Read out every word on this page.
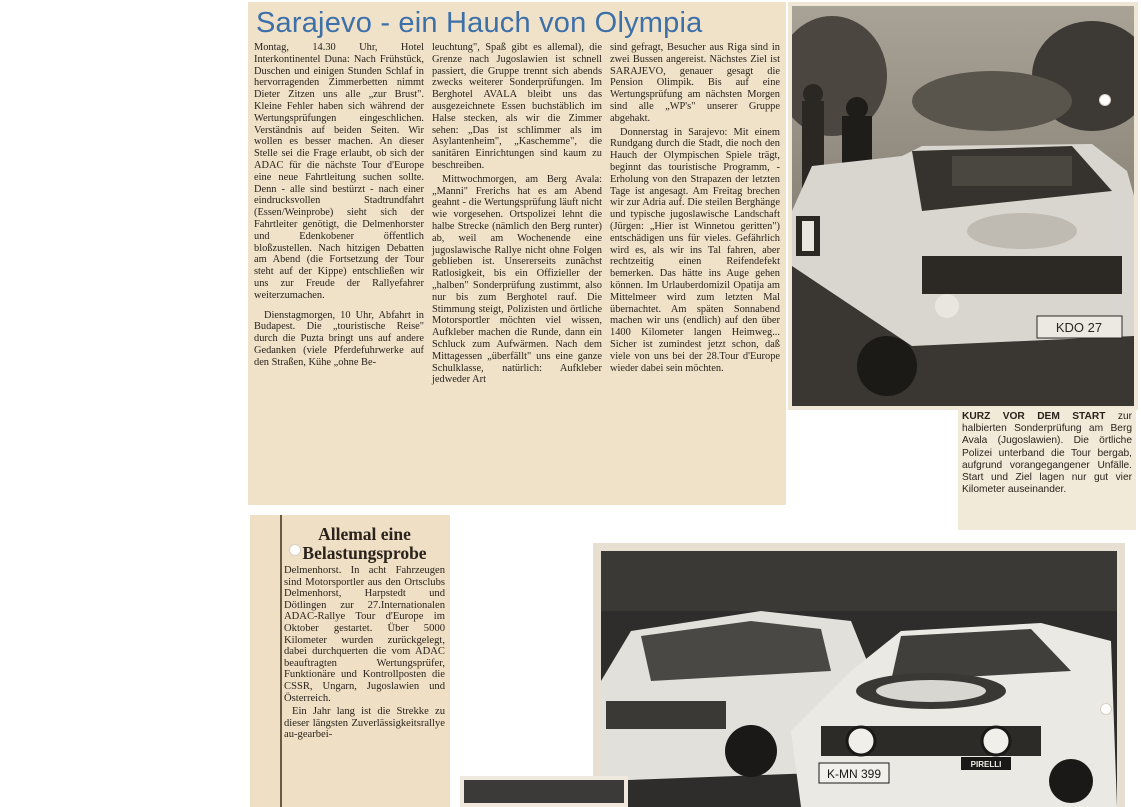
Sarajevo - ein Hauch von Olympia

Montag, 14.30 Uhr, Hotel Interkontinentel Duna: Nach Frühstück, Duschen und einigen Stunden Schlaf in hervorragenden Zimmerbetten nimmt Dieter Zitzen uns alle „zur Brust". Kleine Fehler haben sich während der Wertungsprüfungen eingeschlichen. Verständnis auf beiden Seiten. Wir wollen es besser machen. An dieser Stelle sei die Frage erlaubt, ob sich der ADAC für die nächste Tour d'Europe eine neue Fahrtleitung suchen sollte. Denn - alle sind bestürzt - nach einer eindrucksvollen Stadtrundfahrt (Essen/Weinprobe) sieht sich der Fahrtleiter genötigt, die Delmenhorster und Edenkobener öffentlich bloßzustellen. Nach hitzigen Debatten am Abend (die Fortsetzung der Tour steht auf der Kippe) entschließen wir uns zur Freude der Rallyefahrer weiterzumachen.

Dienstagmorgen, 10 Uhr, Abfahrt in Budapest. Die „touristische Reise" durch die Puzta bringt uns auf andere Gedanken (viele Pferdefuhrwerke auf den Straßen, Kühe „ohne Be-

leuchtung", Spaß gibt es allemal), die Grenze nach Jugoslawien ist schnell passiert, die Gruppe trennt sich abends zwecks weiterer Sonderprüfungen. Im Berghotel AVALA bleibt uns das ausgezeichnete Essen buchstäblich im Halse stecken, als wir die Zimmer sehen: „Das ist schlimmer als im Asylantenheim", „Kaschemme", die sanitären Einrichtungen sind kaum zu beschreiben.

Mittwochmorgen, am Berg Avala: „Manni" Frerichs hat es am Abend geahnt - die Wertungsprüfung läuft nicht wie vorgesehen. Ortspolizei lehnt die halbe Strecke (nämlich den Berg runter) ab, weil am Wochenende eine jugoslawische Rallye nicht ohne Folgen geblieben ist. Unsererseits zunächst Ratlosigkeit, bis ein Offizieller der „halben" Sonderprüfung zustimmt, also nur bis zum Berghotel rauf. Die Stimmung steigt, Polizisten und örtliche Motorsportler möchten viel wissen, Aufkleber machen die Runde, dann ein Schluck zum Aufwärmen. Nach dem Mittagessen „überfällt" uns eine ganze Schulklasse, natürlich: Aufkleber jedweder Art

sind gefragt, Besucher aus Riga sind in zwei Bussen angereist. Nächstes Ziel ist SARAJEVO, genauer gesagt die Pension Olimpik. Bis auf eine Wertungsprüfung am nächsten Morgen sind alle „WP's" unserer Gruppe abgehakt.

Donnerstag in Sarajevo: Mit einem Rundgang durch die Stadt, die noch den Hauch der Olympischen Spiele trägt, beginnt das touristische Programm, -Erholung von den Strapazen der letzten Tage ist angesagt. Am Freitag brechen wir zur Adria auf. Die steilen Berghänge und typische jugoslawische Landschaft (Jürgen: „Hier ist Winnetou geritten") entschädigen uns für vieles. Gefährlich wird es, als wir ins Tal fahren, aber rechtzeitig einen Reifendefekt bemerken. Das hätte ins Auge gehen können. Im Urlauberdomizil Opatija am Mittelmeer wird zum letzten Mal übernachtet. Am späten Sonnabend machen wir uns (endlich) auf den über 1400 Kilometer langen Heimweg... Sicher ist zumindest jetzt schon, daß viele von uns bei der 28.Tour d'Europe wieder dabei sein möchten.

KDO 27
KURZ VOR DEM START zur halbierten Sonderprüfung am Berg Avala (Jugoslawien). Die örtliche Polizei unterband die Tour bergab, aufgrund vorangegangener Unfälle. Start und Ziel lagen nur gut vier Kilometer auseinander.
Allemal eine Belastungsprobe

Delmenhorst. In acht Fahrzeugen sind Motorsportler aus den Ortsclubs Delmenhorst, Harpstedt und Dötlingen zur 27.Internationalen ADAC-Rallye Tour d'Europe im Oktober gestartet. Über 5000 Kilometer wurden zurückgelegt, dabei durchquerten die vom ADAC beauftragten Wertungsprüfer, Funktionäre und Kontrollposten die CSSR, Ungarn, Jugoslawien und Österreich.

Ein Jahr lang ist die Strekke zu dieser längsten Zuverlässigkeitsrallye au-gearbei-

K-MN 399
PIRELLI
